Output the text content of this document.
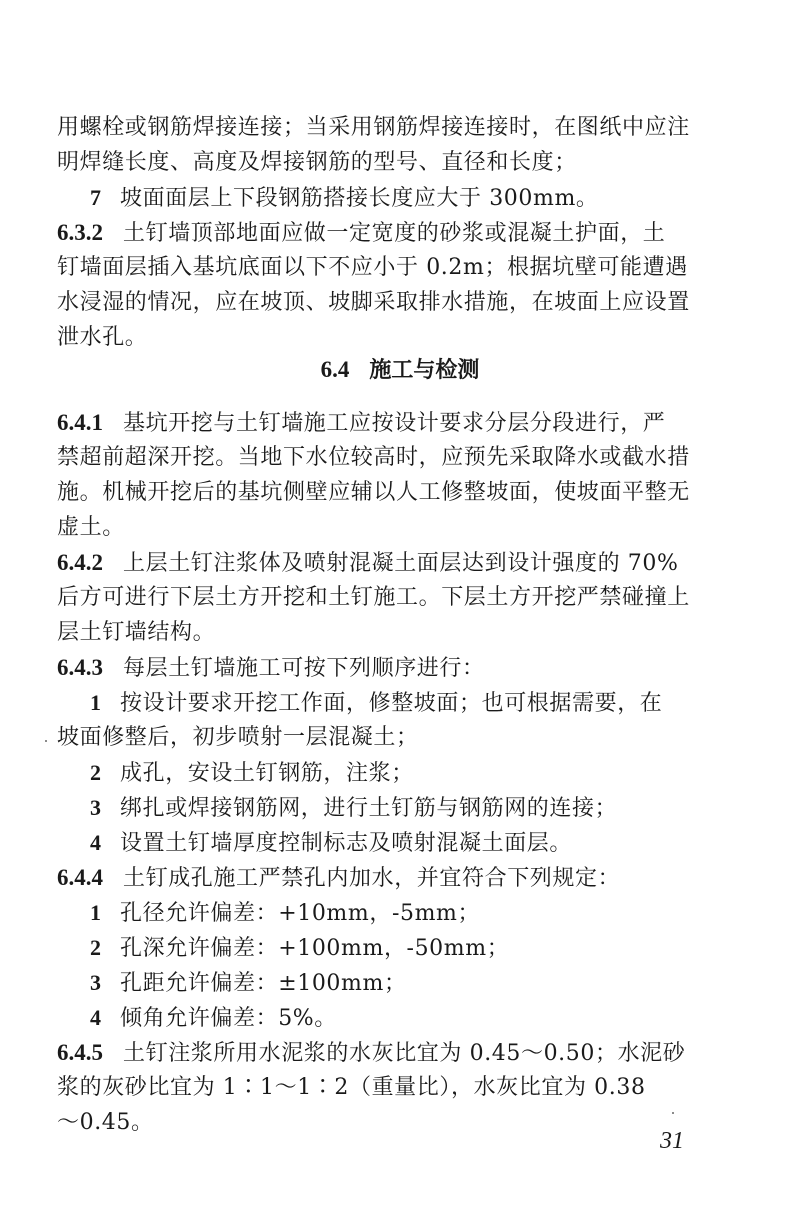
用螺栓或钢筋焊接连接；当采用钢筋焊接连接时，在图纸中应注
明焊缝长度、高度及焊接钢筋的型号、直径和长度；
7 坡面面层上下段钢筋搭接长度应大于 300mm。
6.3.2 土钉墙顶部地面应做一定宽度的砂浆或混凝土护面，土
钉墙面层插入基坑底面以下不应小于 0.2m；根据坑壁可能遭遇
水浸湿的情况，应在坡顶、坡脚采取排水措施，在坡面上应设置
泄水孔。
6.4 施工与检测
6.4.1 基坑开挖与土钉墙施工应按设计要求分层分段进行，严
禁超前超深开挖。当地下水位较高时，应预先采取降水或截水措
施。机械开挖后的基坑侧壁应辅以人工修整坡面，使坡面平整无
虚土。
6.4.2 上层土钉注浆体及喷射混凝土面层达到设计强度的 70%
后方可进行下层土方开挖和土钉施工。下层土方开挖严禁碰撞上
层土钉墙结构。
6.4.3 每层土钉墙施工可按下列顺序进行：
1 按设计要求开挖工作面，修整坡面；也可根据需要，在
坡面修整后，初步喷射一层混凝土；
2 成孔，安设土钉钢筋，注浆；
3 绑扎或焊接钢筋网，进行土钉筋与钢筋网的连接；
4 设置土钉墙厚度控制标志及喷射混凝土面层。
6.4.4 土钉成孔施工严禁孔内加水，并宜符合下列规定：
1 孔径允许偏差：+10mm，-5mm；
2 孔深允许偏差：+100mm，-50mm；
3 孔距允许偏差：±100mm；
4 倾角允许偏差：5%。
6.4.5 土钉注浆所用水泥浆的水灰比宜为 0.45～0.50；水泥砂
浆的灰砂比宜为 1∶1～1∶2（重量比），水灰比宜为 0.38
～0.45。
31
